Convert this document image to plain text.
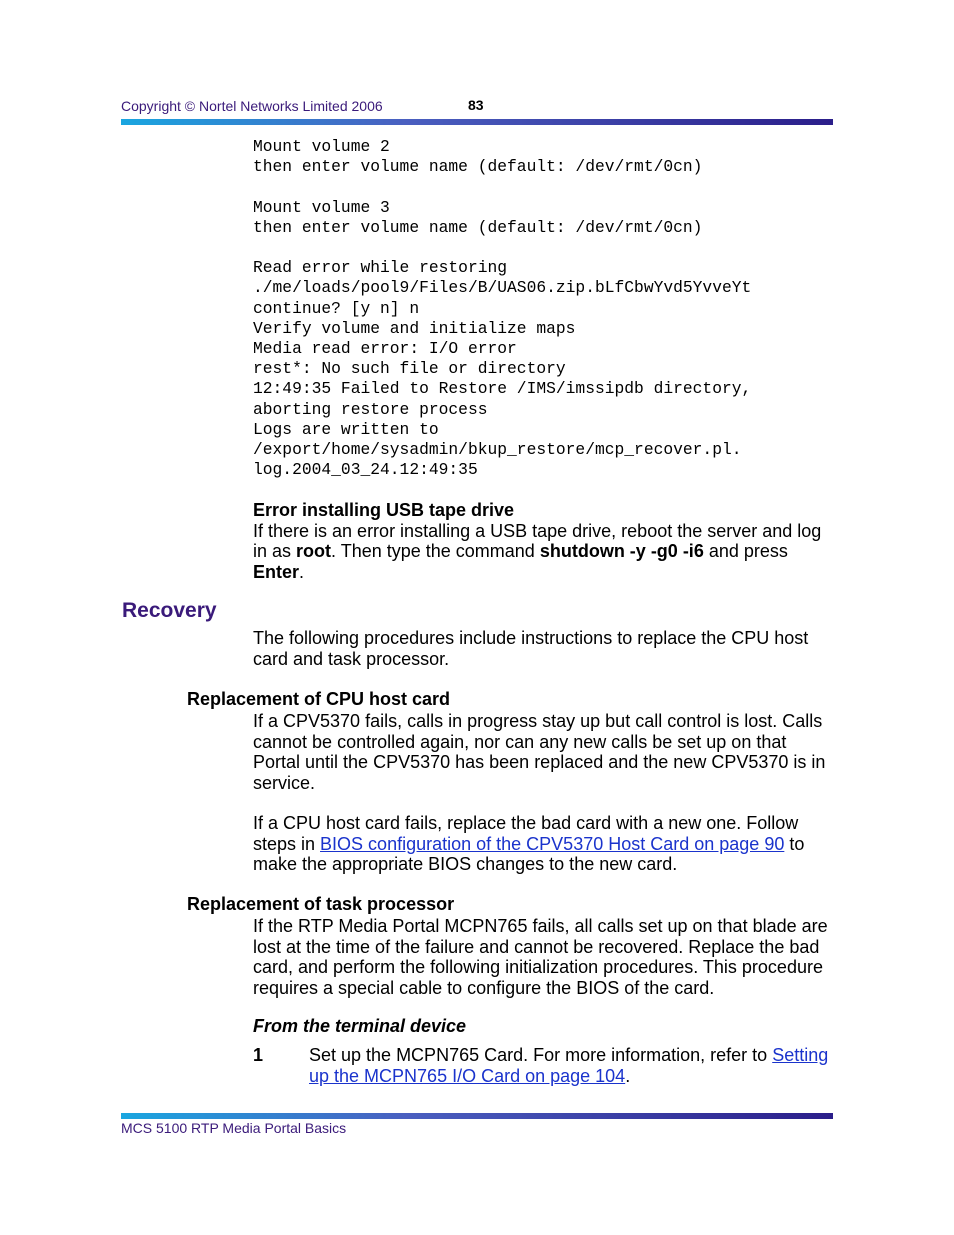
Copyright © Nortel Networks Limited 2006	83
Mount volume 2
then enter volume name (default: /dev/rmt/0cn)

Mount volume 3
then enter volume name (default: /dev/rmt/0cn)

Read error while restoring
./me/loads/pool9/Files/B/UAS06.zip.bLfCbwYvd5YvveYt
continue? [y n] n
Verify volume and initialize maps
Media read error: I/O error
rest*: No such file or directory
12:49:35 Failed to Restore /IMS/imssipdb directory,
aborting restore process
Logs are written to
/export/home/sysadmin/bkup_restore/mcp_recover.pl.
log.2004_03_24.12:49:35
Error installing USB tape drive
If there is an error installing a USB tape drive, reboot the server and log in as root. Then type the command shutdown -y -g0 -i6 and press Enter.
Recovery
The following procedures include instructions to replace the CPU host card and task processor.
Replacement of CPU host card
If a CPV5370 fails, calls in progress stay up but call control is lost. Calls cannot be controlled again, nor can any new calls be set up on that Portal until the CPV5370 has been replaced and the new CPV5370 is in service.
If a CPU host card fails, replace the bad card with a new one. Follow steps in BIOS configuration of the CPV5370 Host Card on page 90 to make the appropriate BIOS changes to the new card.
Replacement of task processor
If the RTP Media Portal MCPN765 fails, all calls set up on that blade are lost at the time of the failure and cannot be recovered. Replace the bad card, and perform the following initialization procedures. This procedure requires a special cable to configure the BIOS of the card.
From the terminal device
1	Set up the MCPN765 Card. For more information, refer to Setting up the MCPN765 I/O Card on page 104.
MCS 5100 RTP Media Portal Basics
